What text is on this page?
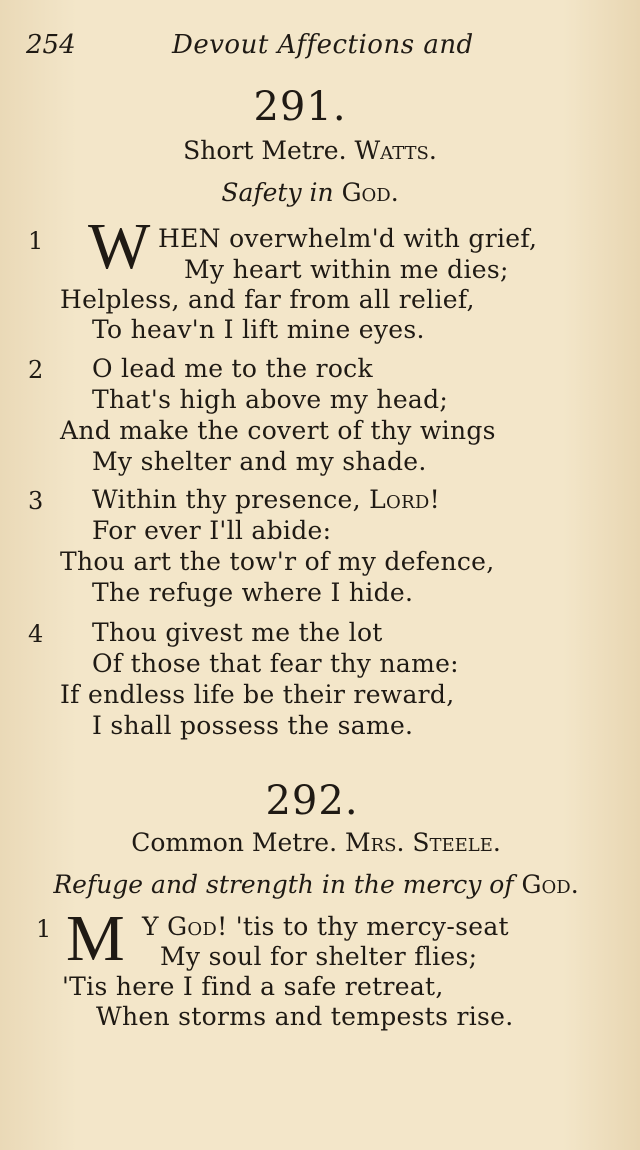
254	Devout Affections and
291.
Short Metre. Watts.
Safety in God.
1 W HEN overwhelm'd with grief,
My heart within me dies;
Helpless, and far from all relief,
To heav'n I lift mine eyes.
2 O lead me to the rock
That's high above my head;
And make the covert of thy wings
My shelter and my shade.
3 Within thy presence, Lord!
For ever I'll abide:
Thou art the tow'r of my defence,
The refuge where I hide.
4 Thou givest me the lot
Of those that fear thy name:
If endless life be their reward,
I shall possess the same.
292.
Common Metre. Mrs. Steele.
Refuge and strength in the mercy of God.
1 M Y God! 'tis to thy mercy-seat
My soul for shelter flies;
'Tis here I find a safe retreat,
When storms and tempests rise.
